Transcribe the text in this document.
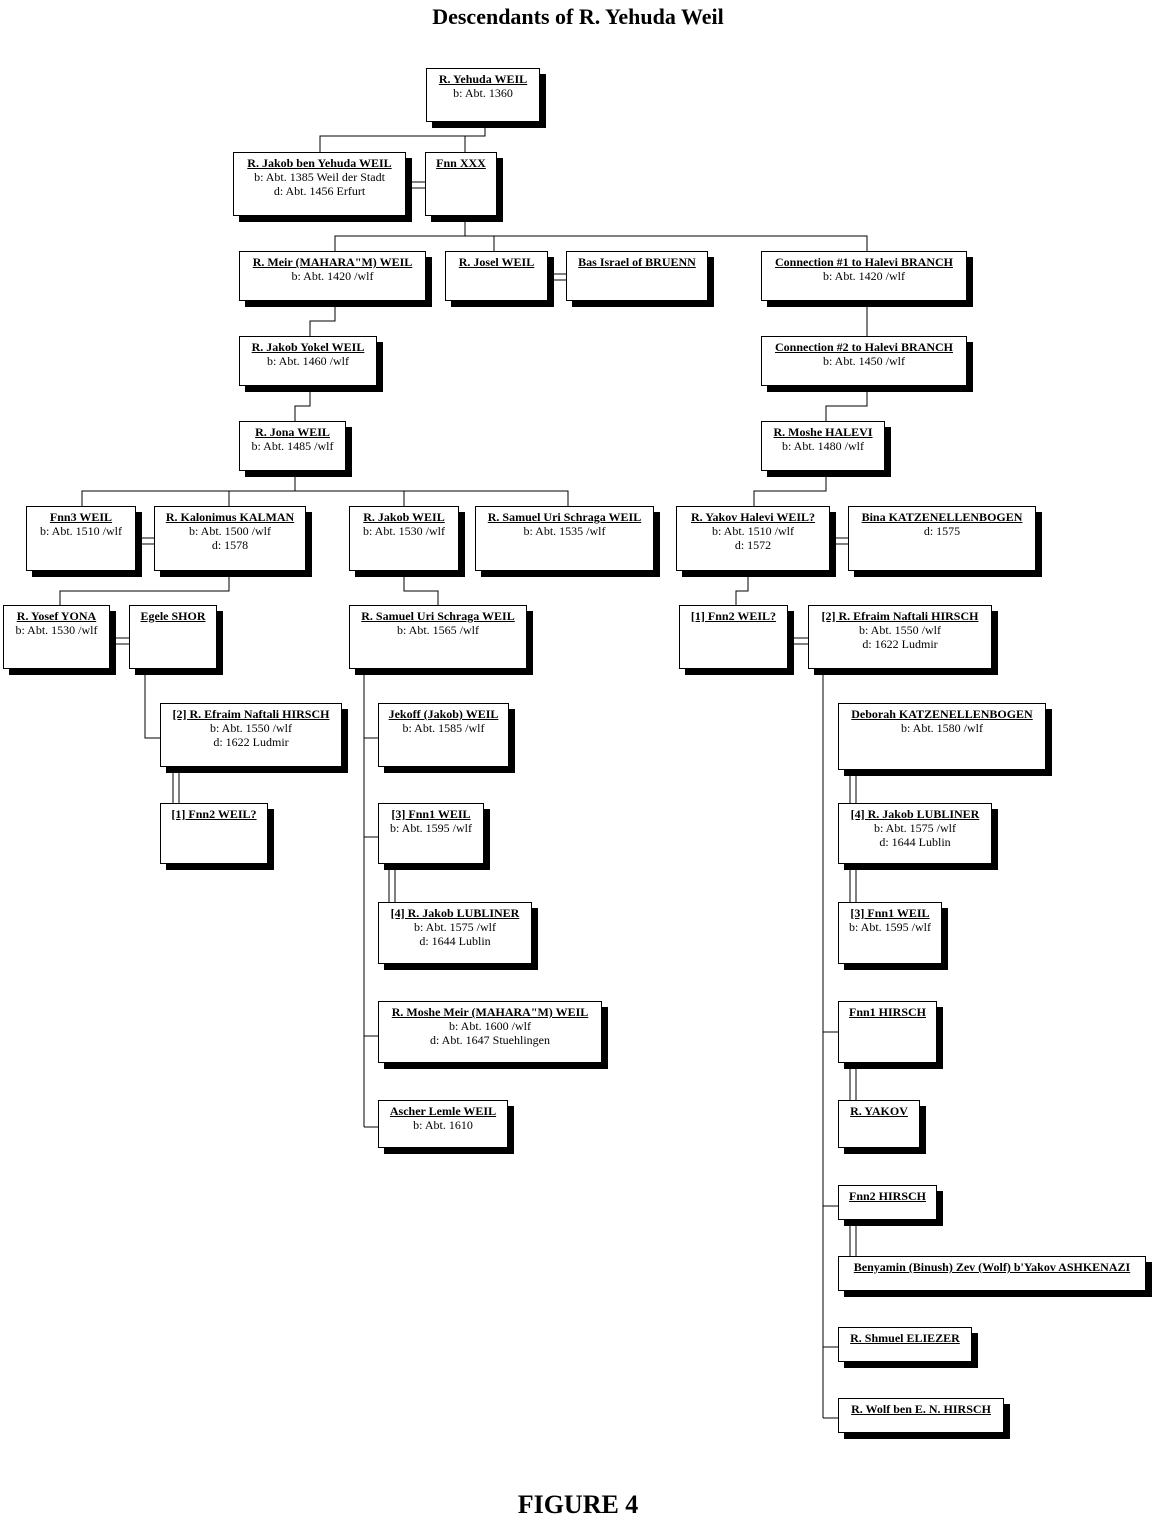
Descendants of R. Yehuda Weil
R. Yehuda WEIL
b: Abt. 1360
R. Jakob ben Yehuda WEIL
b: Abt. 1385 Weil der Stadt
d: Abt. 1456 Erfurt
Fnn XXX
R. Meir (MAHARA"M) WEIL
b: Abt. 1420 /wlf
R. Josel WEIL	Bas Israel of BRUENN	Connection #1 to Halevi BRANCH
b: Abt. 1420 /wlf
R. Jakob Yokel WEIL
b: Abt. 1460 /wlf
Connection #2 to Halevi BRANCH
b: Abt. 1450 /wlf
R. Jona WEIL
b: Abt. 1485 /wlf
R. Moshe HALEVI
b: Abt. 1480 /wlf
Fnn3 WEIL
b: Abt. 1510 /wlf
R. Kalonimus KALMAN
b: Abt. 1500 /wlf
d: 1578
R. Jakob WEIL
b: Abt. 1530 /wlf
R. Samuel Uri Schraga WEIL
b: Abt. 1535 /wlf
R. Yakov Halevi WEIL?
b: Abt. 1510 /wlf
d: 1572
Bina KATZENELLENBOGEN
d: 1575
R. Yosef YONA
b: Abt. 1530 /wlf
Egele SHOR	R. Samuel Uri Schraga WEIL
b: Abt. 1565 /wlf
[1] Fnn2 WEIL?	[2] R. Efraim Naftali HIRSCH
b: Abt. 1550 /wlf
d: 1622 Ludmir
[2] R. Efraim Naftali HIRSCH
b: Abt. 1550 /wlf
d: 1622 Ludmir
[1] Fnn2 WEIL?
Jekoff (Jakob) WEIL
b: Abt. 1585 /wlf
[3] Fnn1 WEIL
b: Abt. 1595 /wlf
[4] R. Jakob LUBLINER
b: Abt. 1575 /wlf
d: 1644 Lublin
R. Moshe Meir (MAHARA"M) WEIL
b: Abt. 1600 /wlf
d: Abt. 1647 Stuehlingen
Ascher Lemle WEIL
b: Abt. 1610
Deborah KATZENELLENBOGEN
b: Abt. 1580 /wlf
[4] R. Jakob LUBLINER
b: Abt. 1575 /wlf
d: 1644 Lublin
[3] Fnn1 WEIL
b: Abt. 1595 /wlf
Fnn1 HIRSCH
R. YAKOV
Fnn2 HIRSCH
Benyamin (Binush) Zev (Wolf) b'Yakov ASHKENAZI
R. Shmuel ELIEZER
R. Wolf ben E. N. HIRSCH
FIGURE 4
